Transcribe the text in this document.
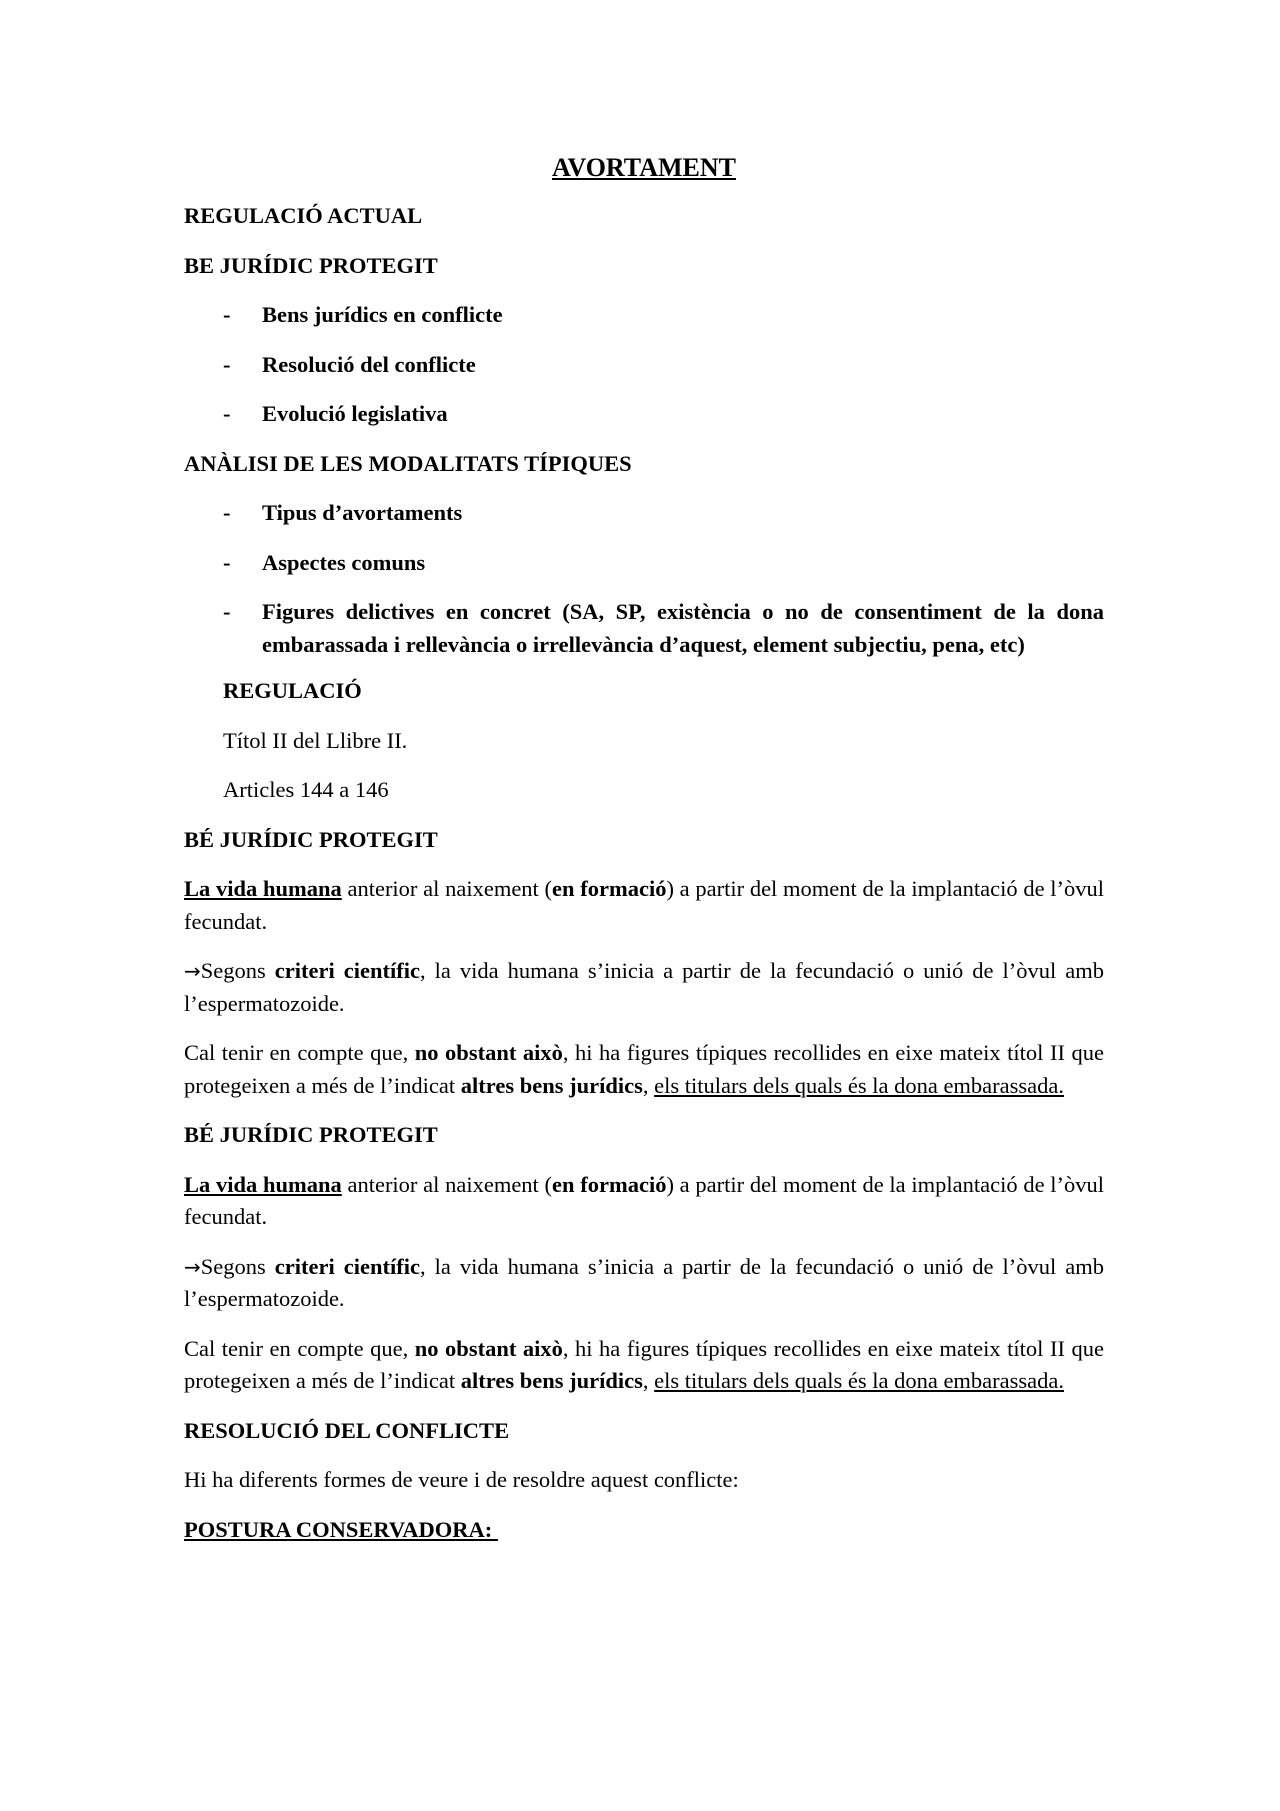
AVORTAMENT
REGULACIÓ ACTUAL
BE JURÍDIC PROTEGIT
- Bens jurídics en conflicte
- Resolució del conflicte
- Evolució legislativa
ANÀLISI DE LES MODALITATS TÍPIQUES
- Tipus d’avortaments
- Aspectes comuns
- Figures delictives en concret (SA, SP, existència o no de consentiment de la dona embarassada i rellevància o irrellevància d’aquest, element subjectiu, pena, etc)
REGULACIÓ
Títol II del Llibre II.
Articles 144 a 146
BÉ JURÍDIC PROTEGIT
La vida humana anterior al naixement (en formació) a partir del moment de la implantació de l’òvul fecundat.
→Segons criteri científic, la vida humana s’inicia a partir de la fecundació o unió de l’òvul amb l’espermatozoide.
Cal tenir en compte que, no obstant això, hi ha figures típiques recollides en eixe mateix títol II que protegeixen a més de l’indicat altres bens jurídics, els titulars dels quals és la dona embarassada.
BÉ JURÍDIC PROTEGIT
La vida humana anterior al naixement (en formació) a partir del moment de la implantació de l’òvul fecundat.
→Segons criteri científic, la vida humana s’inicia a partir de la fecundació o unió de l’òvul amb l’espermatozoide.
Cal tenir en compte que, no obstant això, hi ha figures típiques recollides en eixe mateix títol II que protegeixen a més de l’indicat altres bens jurídics, els titulars dels quals és la dona embarassada.
RESOLUCIÓ DEL CONFLICTE
Hi ha diferents formes de veure i de resoldre aquest conflicte:
POSTURA CONSERVADORA:
